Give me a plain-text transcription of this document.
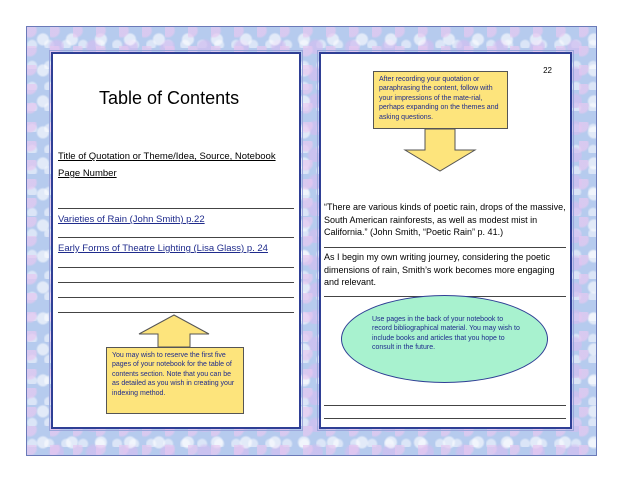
Table of Contents
Title of Quotation or Theme/Idea, Source, Notebook
Page Number
Varieties of Rain (John Smith) p.22
Early Forms of Theatre Lighting (Lisa Glass) p. 24
You may wish to reserve the first five pages of your notebook for the table of contents section. Note that you can be as detailed as you wish in creating your indexing method.
22
After recording your quotation or paraphrasing the content, follow with your impressions of the mate-rial, perhaps expanding on the themes and asking questions.
“There are various kinds of poetic rain, drops of the massive, South American rainforests, as well as modest mist in California.” (John Smith, “Poetic Rain” p. 41.)
As I begin my own writing journey, considering the poetic dimensions of rain, Smith’s work becomes more engaging and relevant.
Use pages in the back of your notebook to record bibliographical material. You may wish to include books and articles that you hope to consult in the future.
